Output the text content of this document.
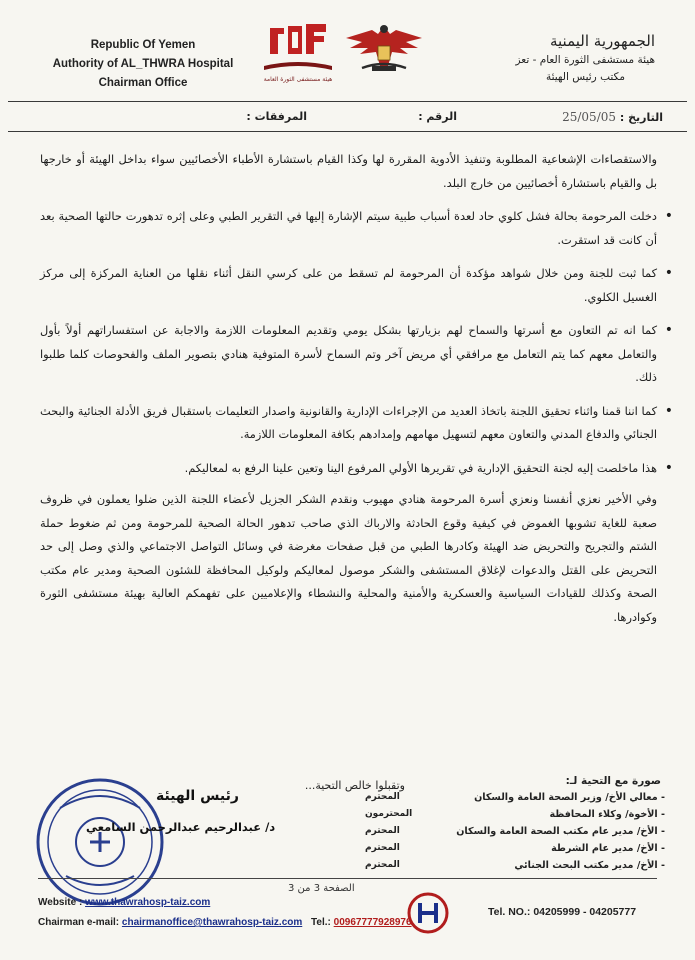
Republic Of Yemen
Authority of AL_THWRA Hospital
Chairman Office	هيئة مستشفى الثورة العامة
الجمهورية اليمنية
هيئة مستشفى الثورة العام - تعز
مكتب رئيس الهيئة
التاريخ : 25/05/05
الرقم :
المرفقات :

والاستقصاءات الإشعاعية المطلوبة وتنفيذ الأدوية المقررة لها وكذا القيام باستشارة الأطباء الأخصائيين سواء بداخل الهيئة أو خارجها بل والقيام باستشارة أخصائيين من خارج البلد.

• دخلت المرحومة بحالة فشل كلوي حاد لعدة أسباب طبية سيتم الإشارة إليها في التقرير الطبي وعلى إثره تدهورت حالتها الصحية بعد أن كانت قد استقرت.

• كما ثبت للجنة ومن خلال شواهد مؤكدة أن المرحومة لم تسقط من على كرسي النقل أثناء نقلها من العناية المركزة إلى مركز الغسيل الكلوي.

• كما انه تم التعاون مع أسرتها والسماح لهم بزيارتها بشكل يومي وتقديم المعلومات اللازمة والاجابة عن استفساراتهم أولاً بأول والتعامل معهم كما يتم التعامل مع مرافقي أي مريض آخر وتم السماح لأسرة المتوفية هنادي بتصوير الملف والفحوصات كلما طلبوا ذلك.

• كما اننا قمنا واثناء تحقيق اللجنة باتخاذ العديد من الإجراءات الإدارية والقانونية واصدار التعليمات باستقبال فريق الأدلة الجنائية والبحث الجنائي والدفاع المدني والتعاون معهم لتسهيل مهامهم وإمدادهم بكافة المعلومات اللازمة.

• هذا ماخلصت إليه لجنة التحقيق الإدارية في تقريرها الأولي المرفوع الينا وتعين علينا الرفع به لمعاليكم.

وفي الأخير نعزي أنفسنا ونعزي أسرة المرحومة هنادي مهيوب ونقدم الشكر الجزيل لأعضاء اللجنة الذين ضلوا يعملون في ظروف صعبة للغاية تشوبها الغموض في كيفية وقوع الحادثة والارباك الذي صاحب تدهور الحالة الصحية للمرحومة ومن ثم ضغوط حملة الشتم والتجريح والتحريض ضد الهيئة وكادرها الطبي من قبل صفحات مغرضة في وسائل التواصل الاجتماعي والذي وصل إلى حد التحريض على القتل والدعوات لإغلاق المستشفى والشكر موصول لمعاليكم ولوكيل المحافظة للشئون الصحية ومدير عام مكتب الصحة وكذلك للقيادات السياسية والعسكرية والأمنية والمحلية والنشطاء والإعلاميين على تفهمكم العالية بهيئة مستشفى الثورة وكوادرها.

وتقبلوا خالص التحية...
رئيس الهيئة
د/ عبدالرحيم عبدالرحمن السامعي
صورة مع التحية لـ:
- معالي الأخ/ وزير الصحة العامة والسكان
المحترم
- الأخوة/ وكلاء المحافظة
المحترمون
- الأخ/ مدير عام مكتب الصحة العامة والسكان
المحترم
- الأخ/ مدير عام الشرطة
المحترم
- الأخ/ مدير مكتب البحث الجنائي
المحترم
الصفحة 3 من 3
Website : www.thawrahosp-taiz.com
Chairman e-mail: chairmanoffice@thawrahosp-taiz.com Tel.: 00967777928976
Tel. NO.: 04205999 - 04205777
